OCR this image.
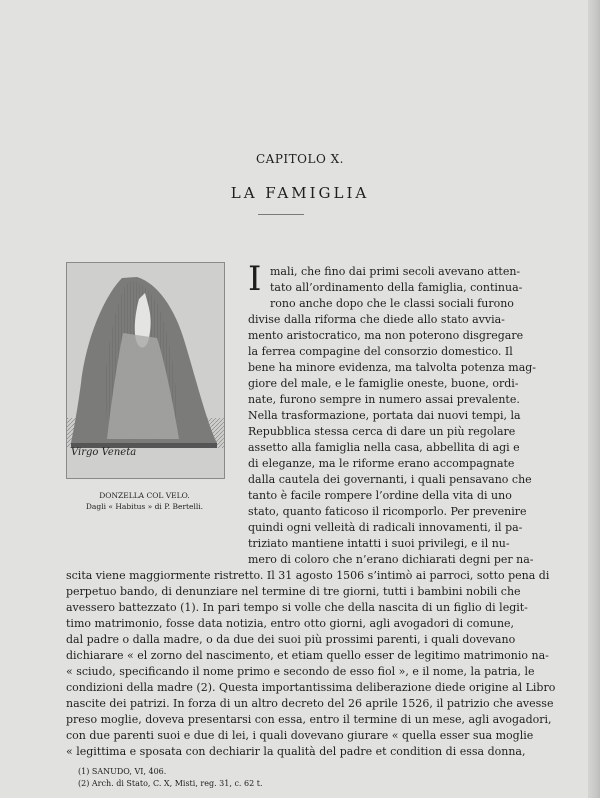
CAPITOLO X.
LA FAMIGLIA
Virgo Veneta
DONZELLA COL VELO.
Dagli « Habitus » di P. Bertelli.
I mali, che fino dai primi secoli avevano atten-
tato all’ordinamento della famiglia, continua-
rono anche dopo che le classi sociali furono
divise dalla riforma che diede allo stato avvia-
mento aristocratico, ma non poterono disgregare
la ferrea compagine del consorzio domestico. Il
bene ha minore evidenza, ma talvolta potenza mag-
giore del male, e le famiglie oneste, buone, ordi-
nate, furono sempre in numero assai prevalente.
Nella trasformazione, portata dai nuovi tempi, la
Repubblica stessa cerca di dare un più regolare
assetto alla famiglia nella casa, abbellita di agi e
di eleganze, ma le riforme erano accompagnate
dalla cautela dei governanti, i quali pensavano che
tanto è facile rompere l’ordine della vita di uno
stato, quanto faticoso il ricomporlo. Per prevenire
quindi ogni velleità di radicali innovamenti, il pa-
triziato mantiene intatti i suoi privilegi, e il nu-
mero di coloro che n’erano dichiarati degni per na-
scita viene maggiormente ristretto. Il 31 agosto 1506 s’intimò ai parroci, sotto pena di
perpetuo bando, di denunziare nel termine di tre giorni, tutti i bambini nobili che
avessero battezzato (1). In pari tempo si volle che della nascita di un figlio di legit-
timo matrimonio, fosse data notizia, entro otto giorni, agli avogadori di comune,
dal padre o dalla madre, o da due dei suoi più prossimi parenti, i quali dovevano
dichiarare « el zorno del nascimento, et etiam quello esser de legitimo matrimonio na-
« sciudo, specificando il nome primo e secondo de esso fiol », e il nome, la patria, le
condizioni della madre (2). Questa importantissima deliberazione diede origine al Libro
nascite dei patrizi. In forza di un altro decreto del 26 aprile 1526, il patrizio che avesse
preso moglie, doveva presentarsi con essa, entro il termine di un mese, agli avogadori,
con due parenti suoi e due di lei, i quali dovevano giurare « quella esser sua moglie
« legittima e sposata con dechiarir la qualità del padre et condition di essa donna,
(1) SANUDO, VI, 406.
(2) Arch. di Stato, C. X, Misti, reg. 31, c. 62 t.
